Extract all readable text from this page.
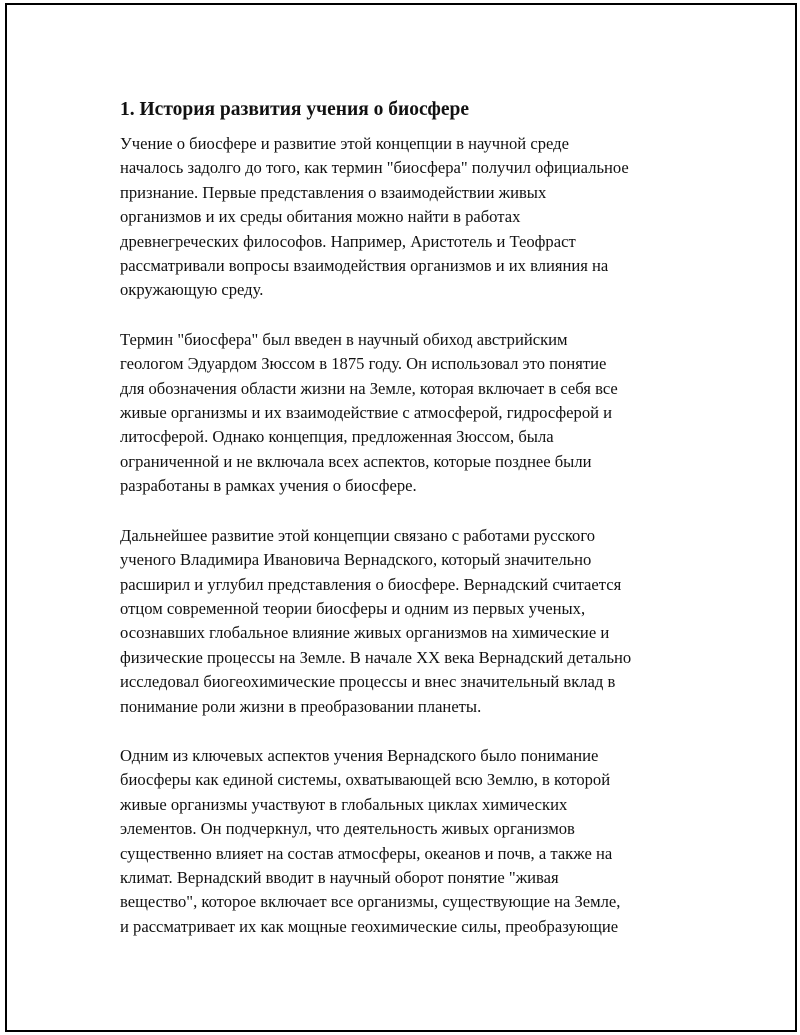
1. История развития учения о биосфере
Учение о биосфере и развитие этой концепции в научной среде
началось задолго до того, как термин "биосфера" получил официальное
признание. Первые представления о взаимодействии живых
организмов и их среды обитания можно найти в работах
древнегреческих философов. Например, Аристотель и Теофраст
рассматривали вопросы взаимодействия организмов и их влияния на
окружающую среду.
Термин "биосфера" был введен в научный обиход австрийским
геологом Эдуардом Зюссом в 1875 году. Он использовал это понятие
для обозначения области жизни на Земле, которая включает в себя все
живые организмы и их взаимодействие с атмосферой, гидросферой и
литосферой. Однако концепция, предложенная Зюссом, была
ограниченной и не включала всех аспектов, которые позднее были
разработаны в рамках учения о биосфере.
Дальнейшее развитие этой концепции связано с работами русского
ученого Владимира Ивановича Вернадского, который значительно
расширил и углубил представления о биосфере. Вернадский считается
отцом современной теории биосферы и одним из первых ученых,
осознавших глобальное влияние живых организмов на химические и
физические процессы на Земле. В начале XX века Вернадский детально
исследовал биогеохимические процессы и внес значительный вклад в
понимание роли жизни в преобразовании планеты.
Одним из ключевых аспектов учения Вернадского было понимание
биосферы как единой системы, охватывающей всю Землю, в которой
живые организмы участвуют в глобальных циклах химических
элементов. Он подчеркнул, что деятельность живых организмов
существенно влияет на состав атмосферы, океанов и почв, а также на
климат. Вернадский вводит в научный оборот понятие "живая
вещество", которое включает все организмы, существующие на Земле,
и рассматривает их как мощные геохимические силы, преобразующие
